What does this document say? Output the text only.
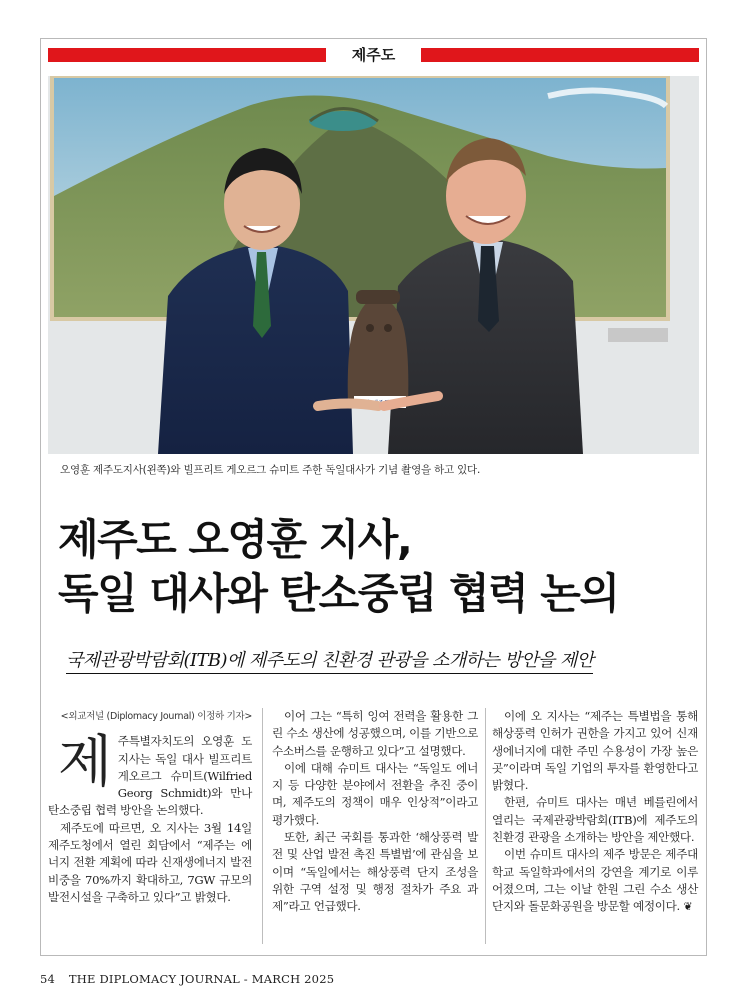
제주도
그날보다 제주특별자치도
오영훈 제주도지사(왼쪽)와 빌프리트 게오르그 슈미트 주한 독일대사가 기념 촬영을 하고 있다.
제주도 오영훈 지사,
독일 대사와 탄소중립 협력 논의
국제관광박람회(ITB)에 제주도의 친환경 관광을 소개하는 방안을 제안
<외교저널 (Diplomacy Journal) 이정하 기자>
제 주특별자치도의 오영훈 도지사는 독일 대사 빌프리트 게오르그 슈미트(Wilfried Georg Schmidt)와 만나 탄소중립 협력 방안을 논의했다.

제주도에 따르면, 오 지사는 3월 14일 제주도청에서 열린 회담에서 “제주는 에너지 전환 계획에 따라 신재생에너지 발전 비중을 70%까지 확대하고, 7GW 규모의 발전시설을 구축하고 있다”고 밝혔다.

이어 그는 “특히 잉여 전력을 활용한 그린 수소 생산에 성공했으며, 이를 기반으로 수소버스를 운행하고 있다”고 설명했다.

이에 대해 슈미트 대사는 “독일도 에너지 등 다양한 분야에서 전환을 추진 중이며, 제주도의 정책이 매우 인상적”이라고 평가했다.

또한, 최근 국회를 통과한 ‘해상풍력 발전 및 산업 발전 촉진 특별법’에 관심을 보이며 “독일에서는 해상풍력 단지 조성을 위한 구역 설정 및 행정 절차가 주요 과제”라고 언급했다.

이에 오 지사는 “제주는 특별법을 통해 해상풍력 인허가 권한을 가지고 있어 신재생에너지에 대한 주민 수용성이 가장 높은 곳”이라며 독일 기업의 투자를 환영한다고 밝혔다.

한편, 슈미트 대사는 매년 베를린에서 열리는 국제관광박람회(ITB)에 제주도의 친환경 관광을 소개하는 방안을 제안했다.

이번 슈미트 대사의 제주 방문은 제주대학교 독일학과에서의 강연을 계기로 이루어졌으며, 그는 이날 한원 그린 수소 생산단지와 돌문화공원을 방문할 예정이다. ❦

54 THE DIPLOMACY JOURNAL - MARCH 2025
